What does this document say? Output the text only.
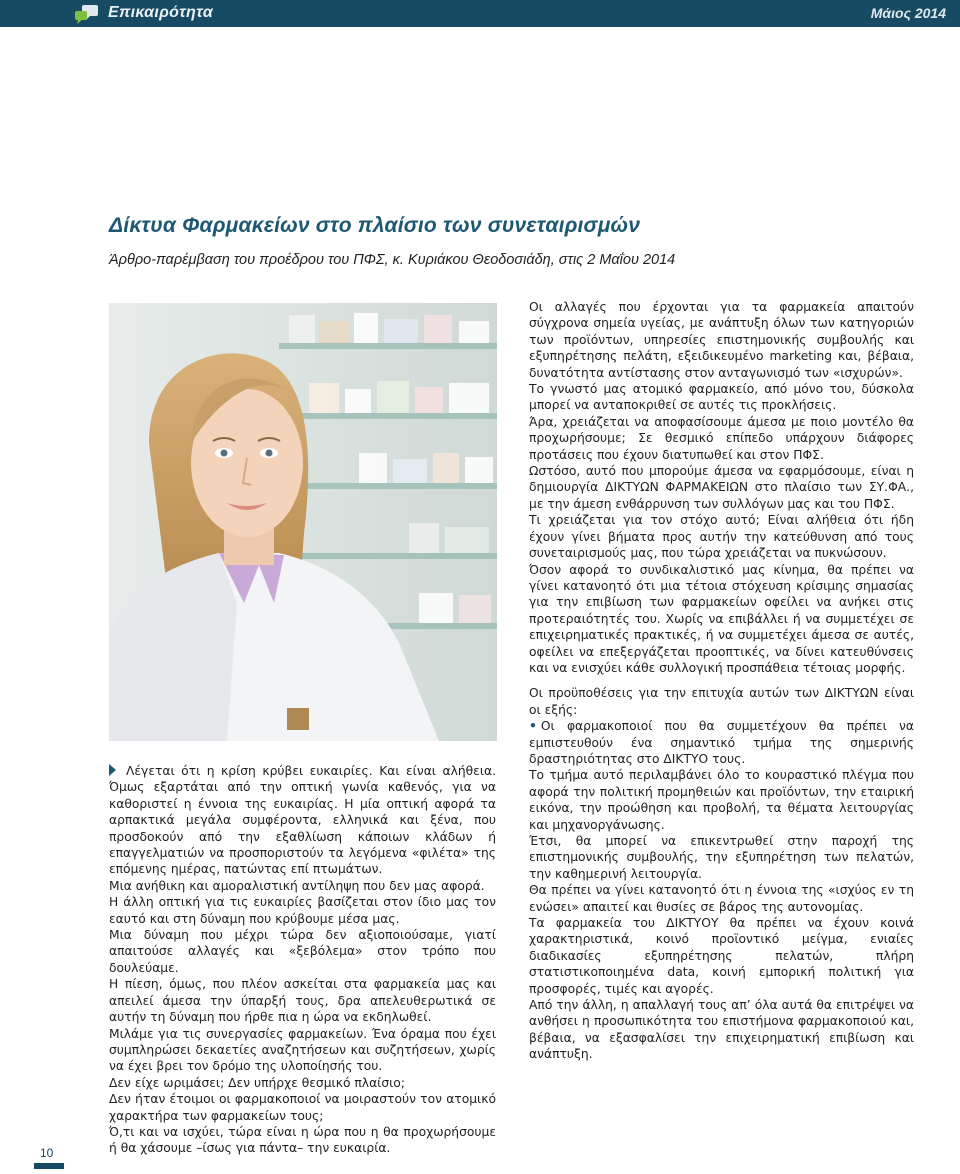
Επικαιρότητα	Μάιος 2014
Δίκτυα Φαρμακείων στο πλαίσιο των συνεταιρισμών
Άρθρο-παρέμβαση του προέδρου του ΠΦΣ, κ. Κυριάκου Θεοδοσιάδη, στις 2 Μαΐου 2014

Λέγεται ότι η κρίση κρύβει ευκαιρίες. Και είναι αλήθεια. Όμως εξαρτάται από την οπτική γωνία καθενός, για να καθοριστεί η έννοια της ευκαιρίας. Η μία οπτική αφορά τα αρπακτικά μεγάλα συμφέροντα, ελληνικά και ξένα, που προσδοκούν από την εξαθλίωση κάποιων κλάδων ή επαγγελματιών να προσποριστούν τα λεγόμενα «φιλέτα» της επόμενης ημέρας, πατώντας επί πτωμάτων.

Μια ανήθικη και αμοραλιστική αντίληψη που δεν μας αφορά.

Η άλλη οπτική για τις ευκαιρίες βασίζεται στον ίδιο μας τον εαυτό και στη δύναμη που κρύβουμε μέσα μας.

Μια δύναμη που μέχρι τώρα δεν αξιοποιούσαμε, γιατί απαιτούσε αλλαγές και «ξεβόλεμα» στον τρόπο που δουλεύαμε.

Η πίεση, όμως, που πλέον ασκείται στα φαρμακεία μας και απειλεί άμεσα την ύπαρξή τους, δρα απελευθερωτικά σε αυτήν τη δύναμη που ήρθε πια η ώρα να εκδηλωθεί.

Μιλάμε για τις συνεργασίες φαρμακείων. Ένα όραμα που έχει συμπληρώσει δεκαετίες αναζητήσεων και συζητήσεων, χωρίς να έχει βρει τον δρόμο της υλοποίησής του.

Δεν είχε ωριμάσει; Δεν υπήρχε θεσμικό πλαίσιο;

Δεν ήταν έτοιμοι οι φαρμακοποιοί να μοιραστούν τον ατομικό χαρακτήρα των φαρμακείων τους;

Ό,τι και να ισχύει, τώρα είναι η ώρα που η θα προχωρήσουμε ή θα χάσουμε –ίσως για πάντα– την ευκαιρία.

Οι αλλαγές που έρχονται για τα φαρμακεία απαιτούν σύγχρονα σημεία υγείας, με ανάπτυξη όλων των κατηγοριών των προϊόντων, υπηρεσίες επιστημονικής συμβουλής και εξυπηρέτησης πελάτη, εξειδικευμένο marketing και, βέβαια, δυνατότητα αντίστασης στον ανταγωνισμό των «ισχυρών».

Το γνωστό μας ατομικό φαρμακείο, από μόνο του, δύσκολα μπορεί να ανταποκριθεί σε αυτές τις προκλήσεις.

Άρα, χρειάζεται να αποφασίσουμε άμεσα με ποιο μοντέλο θα προχωρήσουμε; Σε θεσμικό επίπεδο υπάρχουν διάφορες προτάσεις που έχουν διατυπωθεί και στον ΠΦΣ.

Ωστόσο, αυτό που μπορούμε άμεσα να εφαρμόσουμε, είναι η δημιουργία ΔΙΚΤΥΩΝ ΦΑΡΜΑΚΕΙΩΝ στο πλαίσιο των ΣΥ.ΦΑ., με την άμεση ενθάρρυνση των συλλόγων μας και του ΠΦΣ.

Τι χρειάζεται για τον στόχο αυτό; Είναι αλήθεια ότι ήδη έχουν γίνει βήματα προς αυτήν την κατεύθυνση από τους συνεταιρισμούς μας, που τώρα χρειάζεται να πυκνώσουν.

Όσον αφορά το συνδικαλιστικό μας κίνημα, θα πρέπει να γίνει κατανοητό ότι μια τέτοια στόχευση κρίσιμης σημασίας για την επιβίωση των φαρμακείων οφείλει να ανήκει στις προτεραιότητές του. Χωρίς να επιβάλλει ή να συμμετέχει σε επιχειρηματικές πρακτικές, ή να συμμετέχει άμεσα σε αυτές, οφείλει να επεξεργάζεται προοπτικές, να δίνει κατευθύνσεις και να ενισχύει κάθε συλλογική προσπάθεια τέτοιας μορφής.

Οι προϋποθέσεις για την επιτυχία αυτών των ΔΙΚΤΥΩΝ είναι οι εξής:

• Οι φαρμακοποιοί που θα συμμετέχουν θα πρέπει να εμπιστευθούν ένα σημαντικό τμήμα της σημερινής δραστηριότητας στο ΔΙΚΤΥΟ τους.

Το τμήμα αυτό περιλαμβάνει όλο το κουραστικό πλέγμα που αφορά την πολιτική προμηθειών και προϊόντων, την εταιρική εικόνα, την προώθηση και προβολή, τα θέματα λειτουργίας και μηχανοργάνωσης.

Έτσι, θα μπορεί να επικεντρωθεί στην παροχή της επιστημονικής συμβουλής, την εξυπηρέτηση των πελατών, την καθημερινή λειτουργία.

Θα πρέπει να γίνει κατανοητό ότι η έννοια της «ισχύος εν τη ενώσει» απαιτεί και θυσίες σε βάρος της αυτονομίας.

Τα φαρμακεία του ΔΙΚΤΥΟΥ θα πρέπει να έχουν κοινά χαρακτηριστικά, κοινό προϊοντικό μείγμα, ενιαίες διαδικασίες εξυπηρέτησης πελατών, πλήρη στατιστικοποιημένα data, κοινή εμπορική πολιτική για προσφορές, τιμές και αγορές.

Από την άλλη, η απαλλαγή τους απ’ όλα αυτά θα επιτρέψει να ανθήσει η προσωπικότητα του επιστήμονα φαρμακοποιού και, βέβαια, να εξασφαλίσει την επιχειρηματική επιβίωση και ανάπτυξη.

10
